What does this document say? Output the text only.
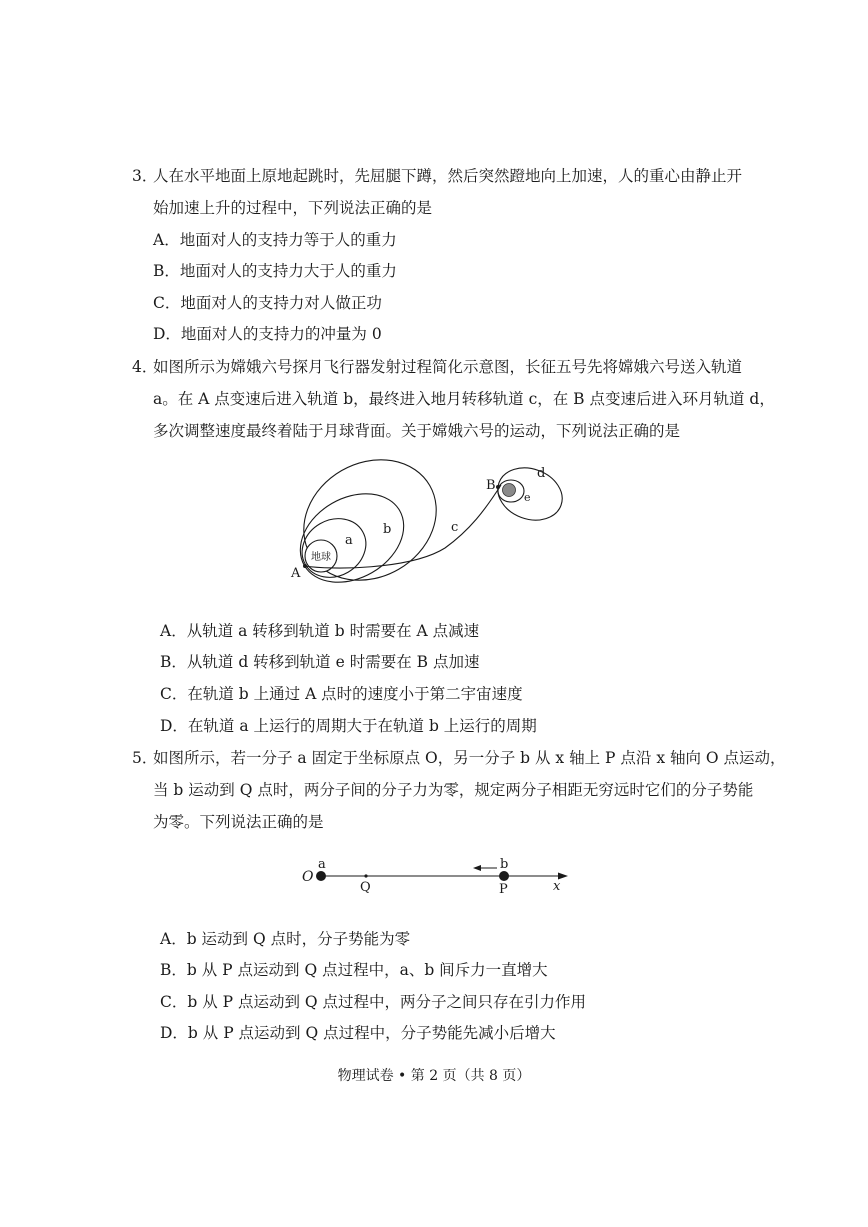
3．
人在水平地面上原地起跳时，先屈腿下蹲，然后突然蹬地向上加速，人的重心由静止开
始加速上升的过程中，下列说法正确的是
A．地面对人的支持力等于人的重力
B．地面对人的支持力大于人的重力
C．地面对人的支持力对人做正功
D．地面对人的支持力的冲量为 0
4．
如图所示为嫦娥六号探月飞行器发射过程简化示意图，长征五号先将嫦娥六号送入轨道
a。在 A 点变速后进入轨道 b，最终进入地月转移轨道 c，在 B 点变速后进入环月轨道 d，
多次调整速度最终着陆于月球背面。关于嫦娥六号的运动，下列说法正确的是
地球
A
B
a
b	c
d
e
A．从轨道 a 转移到轨道 b 时需要在 A 点减速
B．从轨道 d 转移到轨道 e 时需要在 B 点加速
C．在轨道 b 上通过 A 点时的速度小于第二宇宙速度
D．在轨道 a 上运行的周期大于在轨道 b 上运行的周期
5．
如图所示，若一分子 a 固定于坐标原点 O，另一分子 b 从 x 轴上 P 点沿 x 轴向 O 点运动，
当 b 运动到 Q 点时，两分子间的分子力为零，规定两分子相距无穷远时它们的分子势能
为零。下列说法正确的是
O
a
Q
b
P	x
A．b 运动到 Q 点时，分子势能为零
B．b 从 P 点运动到 Q 点过程中，a、b 间斥力一直增大
C．b 从 P 点运动到 Q 点过程中，两分子之间只存在引力作用
D．b 从 P 点运动到 Q 点过程中，分子势能先减小后增大
物理试卷 • 第 2 页（共 8 页）
